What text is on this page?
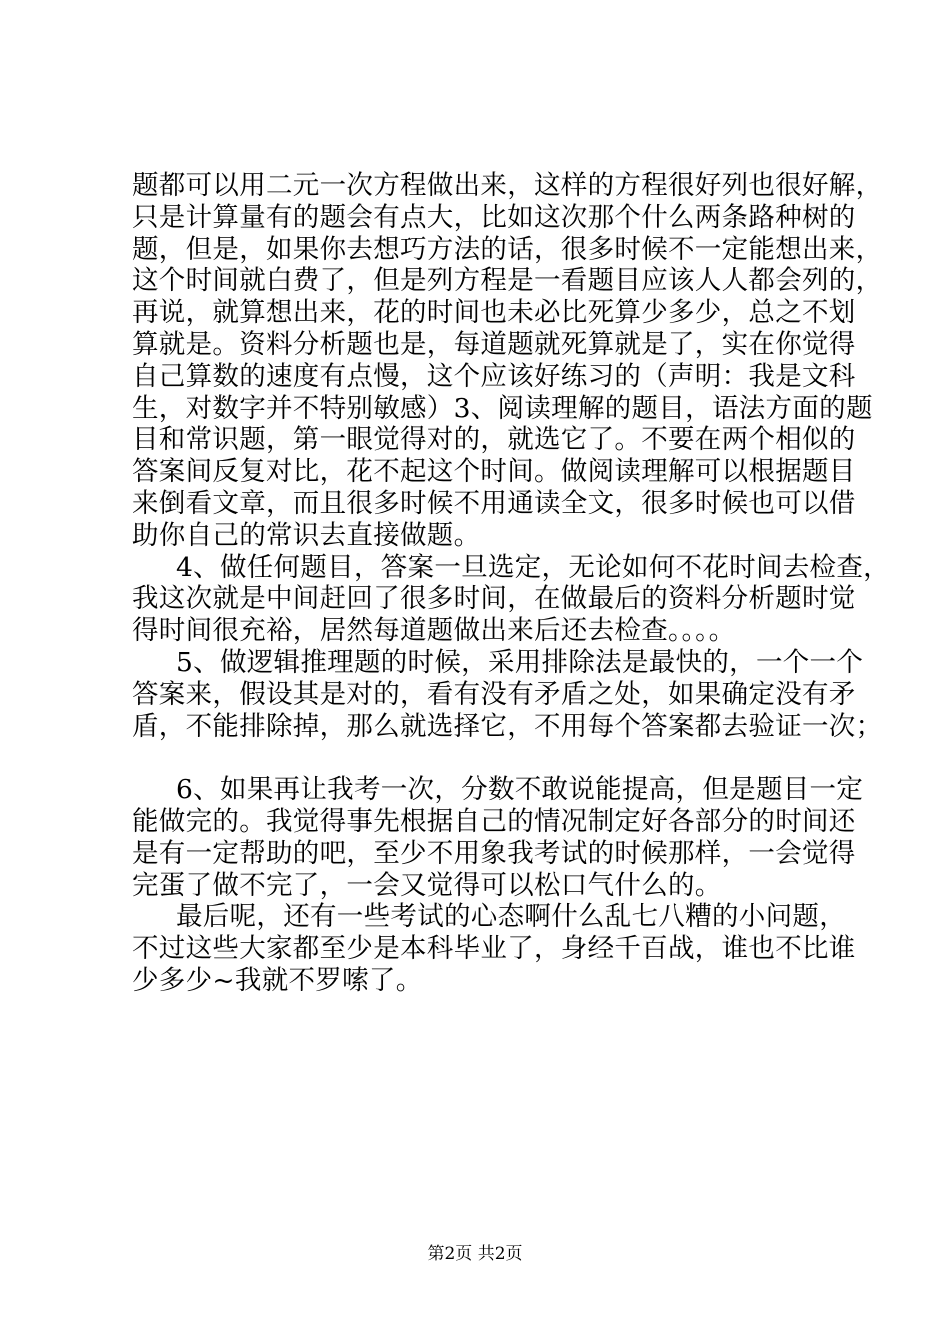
题都可以用二元一次方程做出来，这样的方程很好列也很好解，
只是计算量有的题会有点大，比如这次那个什么两条路种树的
题，但是，如果你去想巧方法的话，很多时候不一定能想出来，
这个时间就白费了，但是列方程是一看题目应该人人都会列的，
再说，就算想出来，花的时间也未必比死算少多少，总之不划
算就是。资料分析题也是，每道题就死算就是了，实在你觉得
自己算数的速度有点慢，这个应该好练习的（声明：我是文科
生，对数字并不特别敏感）3、阅读理解的题目，语法方面的题
目和常识题，第一眼觉得对的，就选它了。不要在两个相似的
答案间反复对比，花不起这个时间。做阅读理解可以根据题目
来倒看文章，而且很多时候不用通读全文，很多时候也可以借
助你自己的常识去直接做题。
4、做任何题目，答案一旦选定，无论如何不花时间去检查，
我这次就是中间赶回了很多时间，在做最后的资料分析题时觉
得时间很充裕，居然每道题做出来后还去检查。。。。
5、做逻辑推理题的时候，采用排除法是最快的，一个一个
答案来，假设其是对的，看有没有矛盾之处，如果确定没有矛
盾，不能排除掉，那么就选择它，不用每个答案都去验证一次；
6、如果再让我考一次，分数不敢说能提高，但是题目一定
能做完的。我觉得事先根据自己的情况制定好各部分的时间还
是有一定帮助的吧，至少不用象我考试的时候那样，一会觉得
完蛋了做不完了，一会又觉得可以松口气什么的。
最后呢，还有一些考试的心态啊什么乱七八糟的小问题，
不过这些大家都至少是本科毕业了，身经千百战，谁也不比谁
少多少~我就不罗嗦了。
第2页 共2页
